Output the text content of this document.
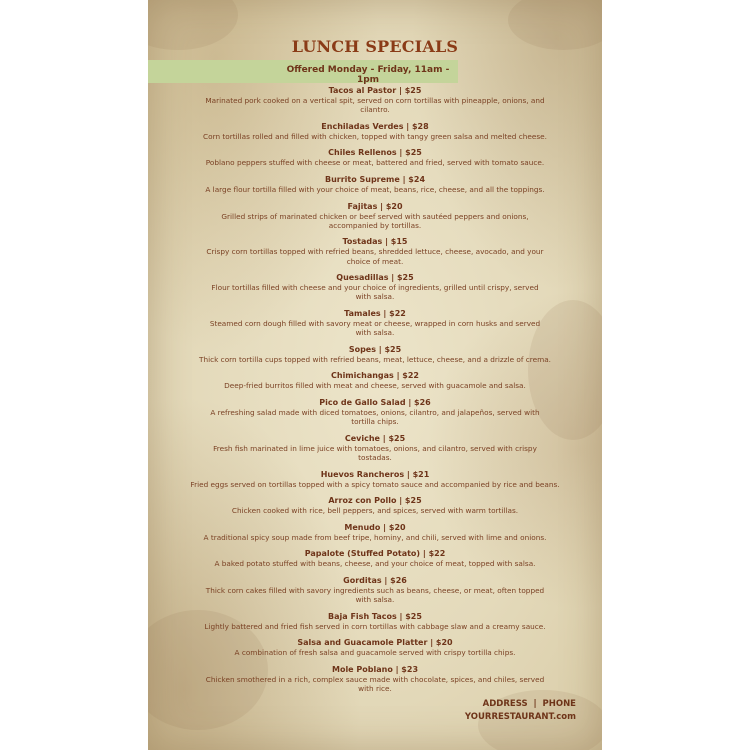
LUNCH SPECIALS
Offered Monday - Friday, 11am - 1pm
Tacos al Pastor | $25
Marinated pork cooked on a vertical spit, served on corn tortillas with pineapple, onions, and cilantro.
Enchiladas Verdes | $28
Corn tortillas rolled and filled with chicken, topped with tangy green salsa and melted cheese.
Chiles Rellenos | $25
Poblano peppers stuffed with cheese or meat, battered and fried, served with tomato sauce.
Burrito Supreme | $24
A large flour tortilla filled with your choice of meat, beans, rice, cheese, and all the toppings.
Fajitas | $20
Grilled strips of marinated chicken or beef served with sautéed peppers and onions, accompanied by tortillas.
Tostadas | $15
Crispy corn tortillas topped with refried beans, shredded lettuce, cheese, avocado, and your choice of meat.
Quesadillas | $25
Flour tortillas filled with cheese and your choice of ingredients, grilled until crispy, served with salsa.
Tamales | $22
Steamed corn dough filled with savory meat or cheese, wrapped in corn husks and served with salsa.
Sopes | $25
Thick corn tortilla cups topped with refried beans, meat, lettuce, cheese, and a drizzle of crema.
Chimichangas | $22
Deep-fried burritos filled with meat and cheese, served with guacamole and salsa.
Pico de Gallo Salad | $26
A refreshing salad made with diced tomatoes, onions, cilantro, and jalapeños, served with tortilla chips.
Ceviche | $25
Fresh fish marinated in lime juice with tomatoes, onions, and cilantro, served with crispy tostadas.
Huevos Rancheros | $21
Fried eggs served on tortillas topped with a spicy tomato sauce and accompanied by rice and beans.
Arroz con Pollo | $25
Chicken cooked with rice, bell peppers, and spices, served with warm tortillas.
Menudo | $20
A traditional spicy soup made from beef tripe, hominy, and chili, served with lime and onions.
Papalote (Stuffed Potato) | $22
A baked potato stuffed with beans, cheese, and your choice of meat, topped with salsa.
Gorditas | $26
Thick corn cakes filled with savory ingredients such as beans, cheese, or meat, often topped with salsa.
Baja Fish Tacos | $25
Lightly battered and fried fish served in corn tortillas with cabbage slaw and a creamy sauce.
Salsa and Guacamole Platter | $20
A combination of fresh salsa and guacamole served with crispy tortilla chips.
Mole Poblano | $23
Chicken smothered in a rich, complex sauce made with chocolate, spices, and chiles, served with rice.
ADDRESS  |  PHONE
YOURRESTAURANT.com
